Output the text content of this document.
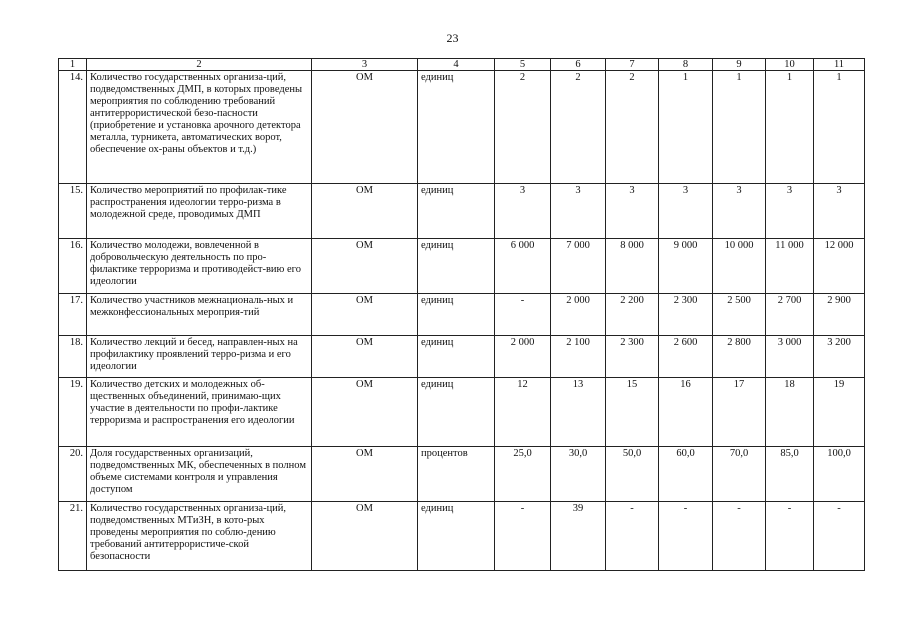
23
1	2	3	4	5	6	7	8	9	10	11
14.	Количество государственных организа-ций, подведомственных ДМП, в которых проведены мероприятия по соблюдению требований антитеррористической безо-пасности (приобретение и установка арочного детектора металла, турникета, автоматических ворот, обеспечение ох-раны объектов и т.д.)	ОМ	единиц	2	2	2	1	1	1	1
15.	Количество мероприятий по профилак-тике распространения идеологии терро-ризма в молодежной среде, проводимых ДМП	ОМ	единиц	3	3	3	3	3	3	3
16.	Количество молодежи, вовлеченной в добровольческую деятельность по про-филактике терроризма и противодейст-вию его идеологии	ОМ	единиц	6 000	7 000	8 000	9 000	10 000	11 000	12 000
17.	Количество участников межнациональ-ных и межконфессиональных мероприя-тий	ОМ	единиц	-	2 000	2 200	2 300	2 500	2 700	2 900
18.	Количество лекций и бесед, направлен-ных на профилактику проявлений терро-ризма и его идеологии	ОМ	единиц	2 000	2 100	2 300	2 600	2 800	3 000	3 200
19.	Количество детских и молодежных об-щественных объединений, принимаю-щих участие в деятельности по профи-лактике терроризма и распространения его идеологии	ОМ	единиц	12	13	15	16	17	18	19
20.	Доля государственных организаций, подведомственных МК, обеспеченных в полном объеме системами контроля и управления доступом	ОМ	процентов	25,0	30,0	50,0	60,0	70,0	85,0	100,0
21.	Количество государственных организа-ций, подведомственных МТиЗН, в кото-рых проведены мероприятия по соблю-дению требований антитеррористиче-ской безопасности	ОМ	единиц	-	39	-	-	-	-	-
